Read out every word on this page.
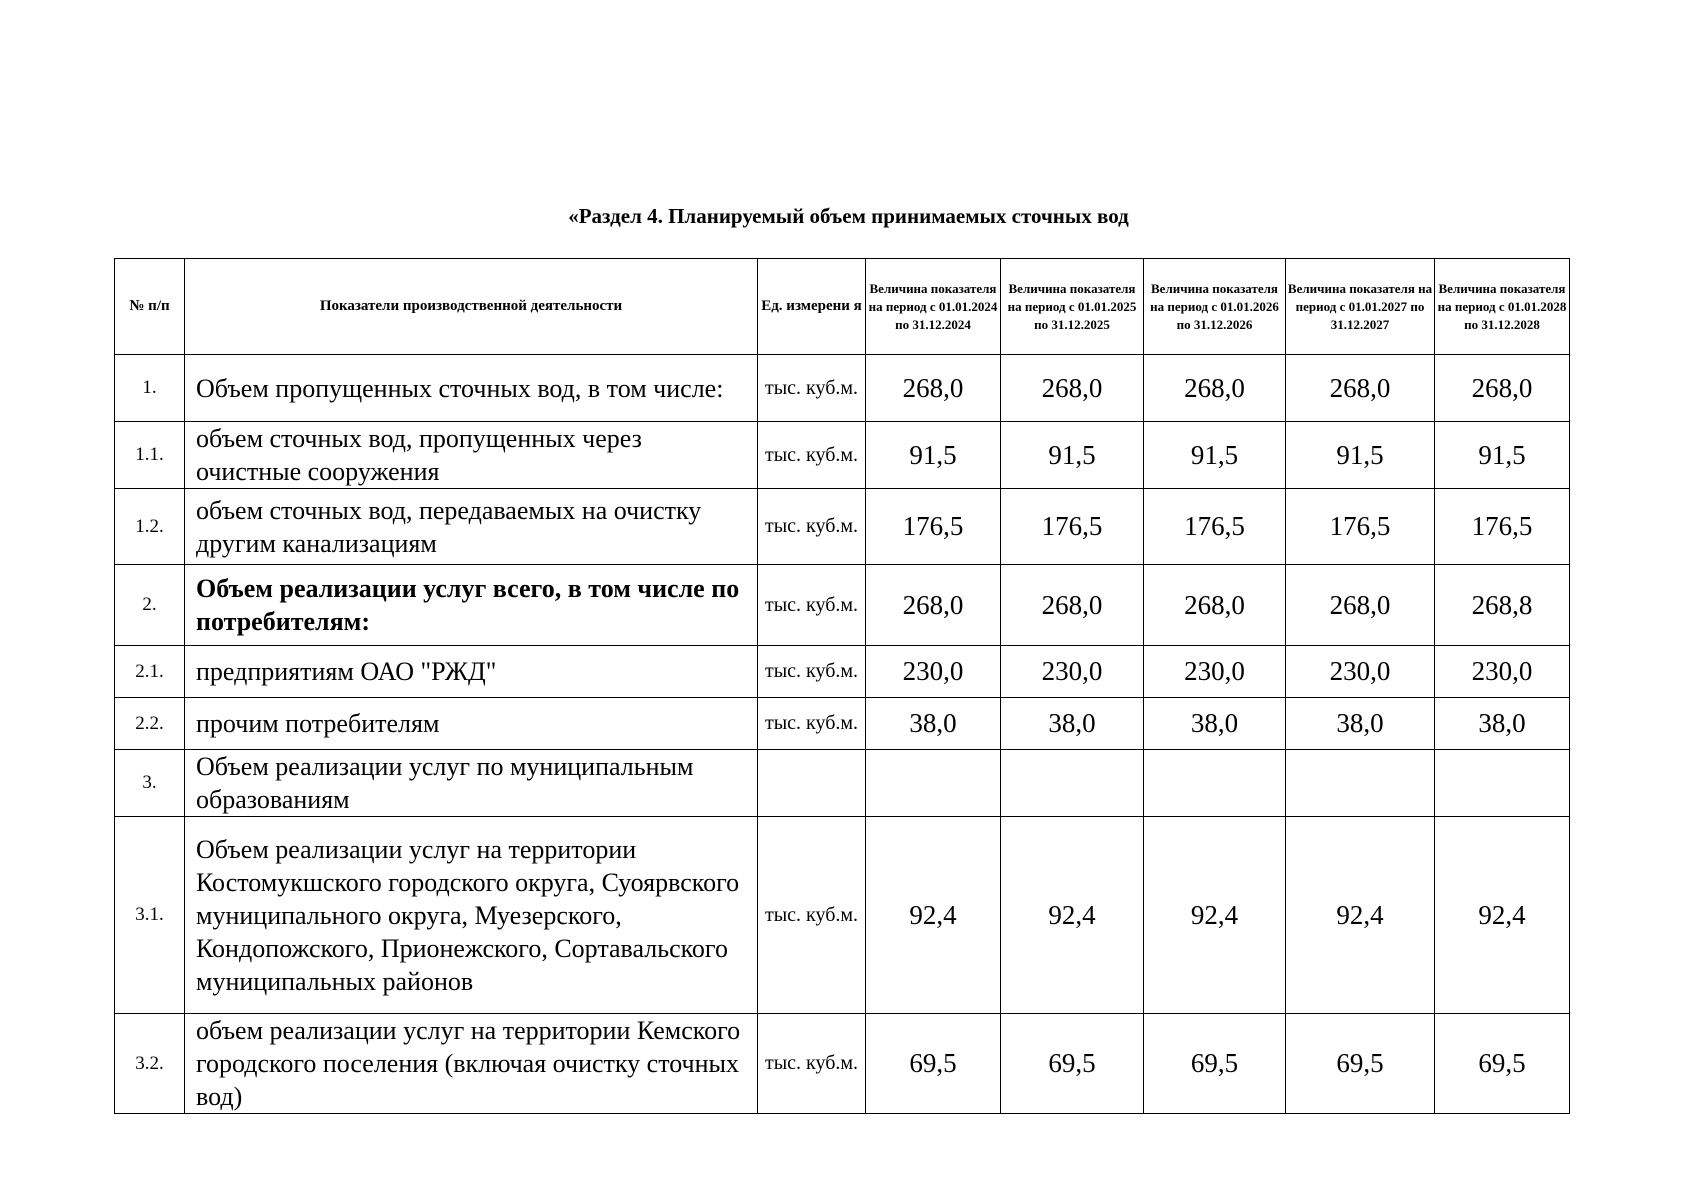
«Раздел 4. Планируемый объем принимаемых сточных вод
№ п/п	Показатели производственной деятельности	Ед. измерени я	Величина показателя на период с 01.01.2024 по 31.12.2024	Величина показателя на период с 01.01.2025 по 31.12.2025	Величина показателя на период с 01.01.2026 по 31.12.2026	Величина показателя на период с 01.01.2027 по 31.12.2027	Величина показателя на период с 01.01.2028 по 31.12.2028
1.	Объем пропущенных сточных вод, в том числе:	тыс. куб.м.	268,0	268,0	268,0	268,0	268,0
1.1.	объем сточных вод, пропущенных через очистные сооружения	тыс. куб.м.	91,5	91,5	91,5	91,5	91,5
1.2.	объем сточных вод, передаваемых на очистку другим канализациям	тыс. куб.м.	176,5	176,5	176,5	176,5	176,5
2.	Объем реализации услуг всего, в том числе по потребителям:	тыс. куб.м.	268,0	268,0	268,0	268,0	268,8
2.1.	предприятиям ОАО "РЖД"	тыс. куб.м.	230,0	230,0	230,0	230,0	230,0
2.2.	прочим потребителям	тыс. куб.м.	38,0	38,0	38,0	38,0	38,0
3.	Объем реализации услуг по муниципальным образованиям						
3.1.	Объем реализации услуг на территории Костомукшского городского округа, Суоярвского муниципального округа, Муезерского, Кондопожского, Прионежского, Сортавальского муниципальных районов	тыс. куб.м.	92,4	92,4	92,4	92,4	92,4
3.2.	объем реализации услуг на территории Кемского городского поселения (включая очистку сточных вод)	тыс. куб.м.	69,5	69,5	69,5	69,5	69,5
